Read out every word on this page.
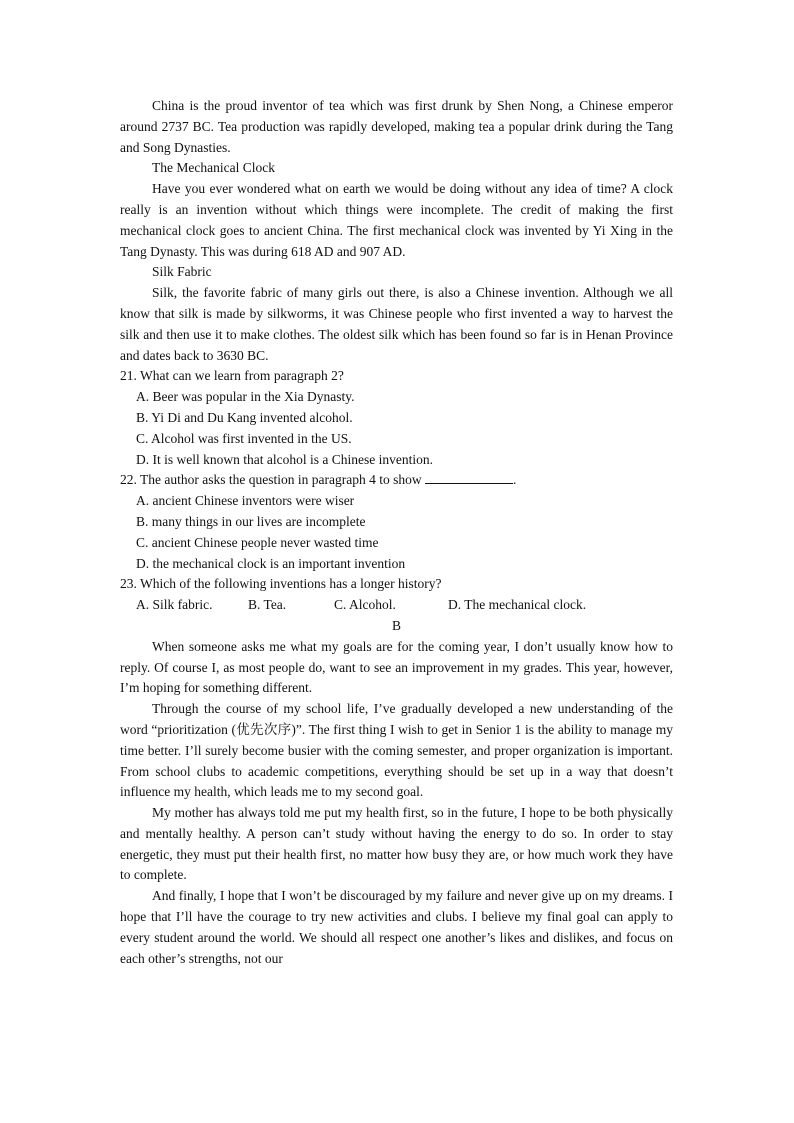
China is the proud inventor of tea which was first drunk by Shen Nong, a Chinese emperor around 2737 BC. Tea production was rapidly developed, making tea a popular drink during the Tang and Song Dynasties.

The Mechanical Clock

Have you ever wondered what on earth we would be doing without any idea of time? A clock really is an invention without which things were incomplete. The credit of making the first mechanical clock goes to ancient China. The first mechanical clock was invented by Yi Xing in the Tang Dynasty. This was during 618 AD and 907 AD.

Silk Fabric

Silk, the favorite fabric of many girls out there, is also a Chinese invention. Although we all know that silk is made by silkworms, it was Chinese people who first invented a way to harvest the silk and then use it to make clothes. The oldest silk which has been found so far is in Henan Province and dates back to 3630 BC.

21. What can we learn from paragraph 2?

A. Beer was popular in the Xia Dynasty.

B. Yi Di and Du Kang invented alcohol.

C. Alcohol was first invented in the US.

D. It is well known that alcohol is a Chinese invention.

22. The author asks the question in paragraph 4 to show	.

A. ancient Chinese inventors were wiser

B. many things in our lives are incomplete

C. ancient Chinese people never wasted time

D. the mechanical clock is an important invention

23. Which of the following inventions has a longer history?

A. Silk fabric.	B. Tea.	C. Alcohol.	D. The mechanical clock.

B

When someone asks me what my goals are for the coming year, I don’t usually know how to reply. Of course I, as most people do, want to see an improvement in my grades. This year, however, I’m hoping for something different.

Through the course of my school life, I’ve gradually developed a new understanding of the word “prioritization (优先次序)”. The first thing I wish to get in Senior 1 is the ability to manage my time better. I’ll surely become busier with the coming semester, and proper organization is important. From school clubs to academic competitions, everything should be set up in a way that doesn’t influence my health, which leads me to my second goal.

My mother has always told me put my health first, so in the future, I hope to be both physically and mentally healthy. A person can’t study without having the energy to do so. In order to stay energetic, they must put their health first, no matter how busy they are, or how much work they have to complete.

And finally, I hope that I won’t be discouraged by my failure and never give up on my dreams. I hope that I’ll have the courage to try new activities and clubs. I believe my final goal can apply to every student around the world. We should all respect one another’s likes and dislikes, and focus on each other’s strengths, not our
